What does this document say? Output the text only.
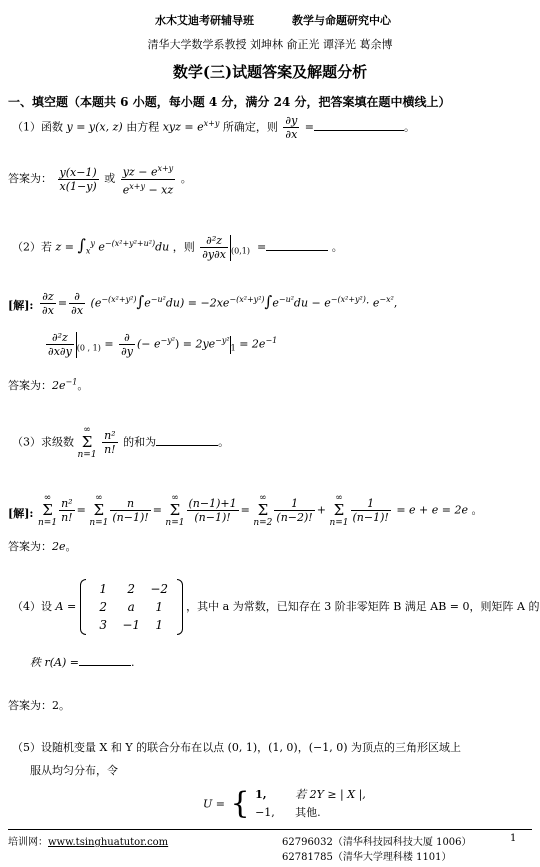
水木艾迪考研辅导班	教学与命题研究中心
清华大学数学系教授 刘坤林 俞正光 谭泽光 葛余博
数学(三)试题答案及解题分析
一、填空题（本题共 6 小题，每小题 4 分，满分 24 分，把答案填在题中横线上）
（1）函数 y = y(x, z) 由方程 xyz = $e^{x+y}$ 所确定，则 $\frac{\partial y}{\partial x}$ =	。
答案为： $\frac{y(x-1)}{x(1-y)}$ 或 $\frac{yz - e^{x+y}}{e^{x+y} - xz}$ 。
（2）若 $z = \int_x^y$ $e^{-(x^2+y^2+u^2)}du$ ，则 $\frac{\text{∂²z}}{\partial y\partial x} _{(0,1)}$ =	。
[解]: $\frac{\partial z}{\partial x} = \frac{\partial}{\partial x} (e^{-(x^2+y^2)}\int e^{-u^2}du) = -2xe^{-(x^2+y^2)}\int e^{-u^2}du - e^{-(x^2+y^2)}\cdot e^{-x^2}$,
$\frac{\text{∂²z}}{\partial x\partial y} _{(0 , 1)} = \frac{\partial}{\partial y}$ (− $e^{-y^2}) = 2ye^{-y^2}_1 = 2e^{-1}$
答案为：$2e^{-1}$。
（3）求级数
∞
Σ
n=1
$\frac{\text{n²}}{n!}$ 的和为	。
[解]:
∞
Σ
$n=1 \frac{\text{n²}}{n!}$ =
∞
Σ
$n=1 \frac{n}{(n-1)!}$ =
∞
Σ
$n=1 \frac{(n-1)+1}{(n-1)!}$ =
∞
Σ
$n=2 \frac{1}{(n-2)!}$ +
∞
Σ
$n=1 \frac{1}{(n-1)!} = e + e = 2e$ 。
答案为：2e。
（4）设 A =
1	2	−2
2	a	1
3	−1	1
，其中 a 为常数，已知存在 3 阶非零矩阵 B 满足 AB = 0，则矩阵 A 的
秩 r(A) =	.
答案为：2。
（5）设随机变量 X 和 Y 的联合分布在以点 (0, 1)，(1, 0)，(−1, 0) 为顶点的三角形区域上
服从均匀分布，令
U = { 1,	若 2Y ≥ | X |,
−1, 其他.
培训网：www.tsinghuatutor.com	62796032（清华科技园科技大厦 1006）
62781785（清华大学理科楼 1101）
1
